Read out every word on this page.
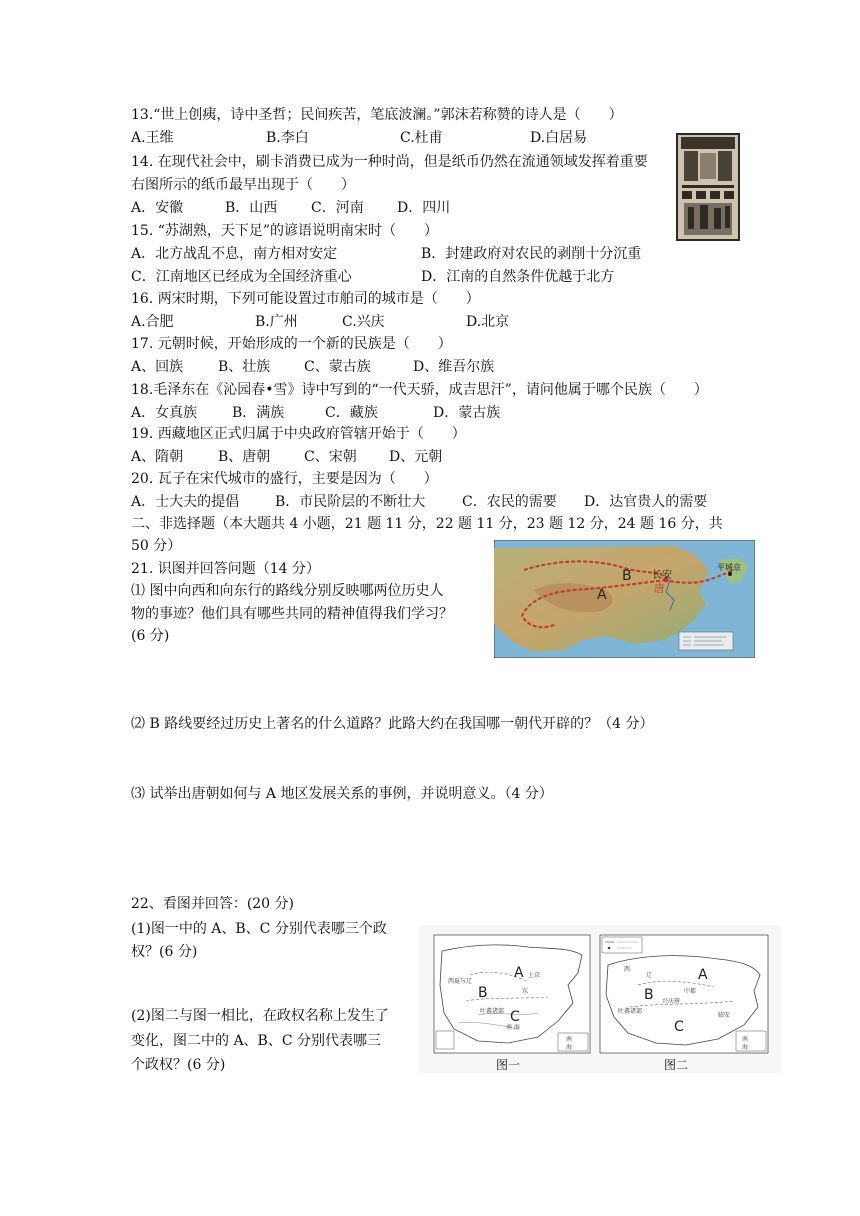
13.“世上创痍，诗中圣哲；民间疾苦，笔底波澜。”郭沫若称赞的诗人是（　　）
A.王维	B.李白	C.杜甫	D.白居易
14. 在现代社会中，刷卡消费已成为一种时尚，但是纸币仍然在流通领域发挥着重要
右图所示的纸币最早出现于（　　）
A．安徽	B．山西 C．河南 D．四川
15. “苏湖熟，天下足”的谚语说明南宋时（　　）
A．北方战乱不息，南方相对安定	B．封建政府对农民的剥削十分沉重
C．江南地区已经成为全国经济重心	D．江南的自然条件优越于北方
16. 两宋时期，下列可能设置过市舶司的城市是（　　）
A.合肥	B.广州	C.兴庆	D.北京
17. 元朝时候，开始形成的一个新的民族是（　　）
A、回族 B、壮族 C、蒙古族	D、维吾尔族
18.毛泽东在《沁园春•雪》诗中写到的“一代天骄，成吉思汗”，请问他属于哪个民族（　　）
A．女真族 B．满族	C．藏族	D．蒙古族
19. 西藏地区正式归属于中央政府管辖开始于（　　）
A、隋朝 B、唐朝 C、宋朝 D、元朝
20. 瓦子在宋代城市的盛行，主要是因为（　　）
A．士大夫的提倡	B．市民阶层的不断壮大	C．农民的需要 D．达官贵人的需要
二、非选择题（本大题共 4 小题，21 题 11 分，22 题 11 分，23 题 12 分，24 题 16 分，共
50 分）
21. 识图并回答问题（14 分）
⑴ 图中向西和向东行的路线分别反映哪两位历史人
物的事迹？他们具有哪些共同的精神值得我们学习？
(6 分)
B
A
长安
唐
平城京
⑵ B 路线要经过历史上著名的什么道路？此路大约在我国哪一朝代开辟的？（4 分）
⑶ 试举出唐朝如何与 A 地区发展关系的事例，并说明意义。（4 分）
22、看图并回答：(20 分)
(1)图一中的 A、B、C 分别代表哪三个政
权？(6 分)
(2)图二与图一相比，在政权名称上发生了
变化，图二中的 A、B、C 分别代表哪三
个政权？(6 分)
南
海
西夏与辽
吐蕃诸部
东
南 海
上京
A
B
C
南
海
西
辽
中都
兴庆府
吐蕃诸部
临安
A
B
C
图一	图二
